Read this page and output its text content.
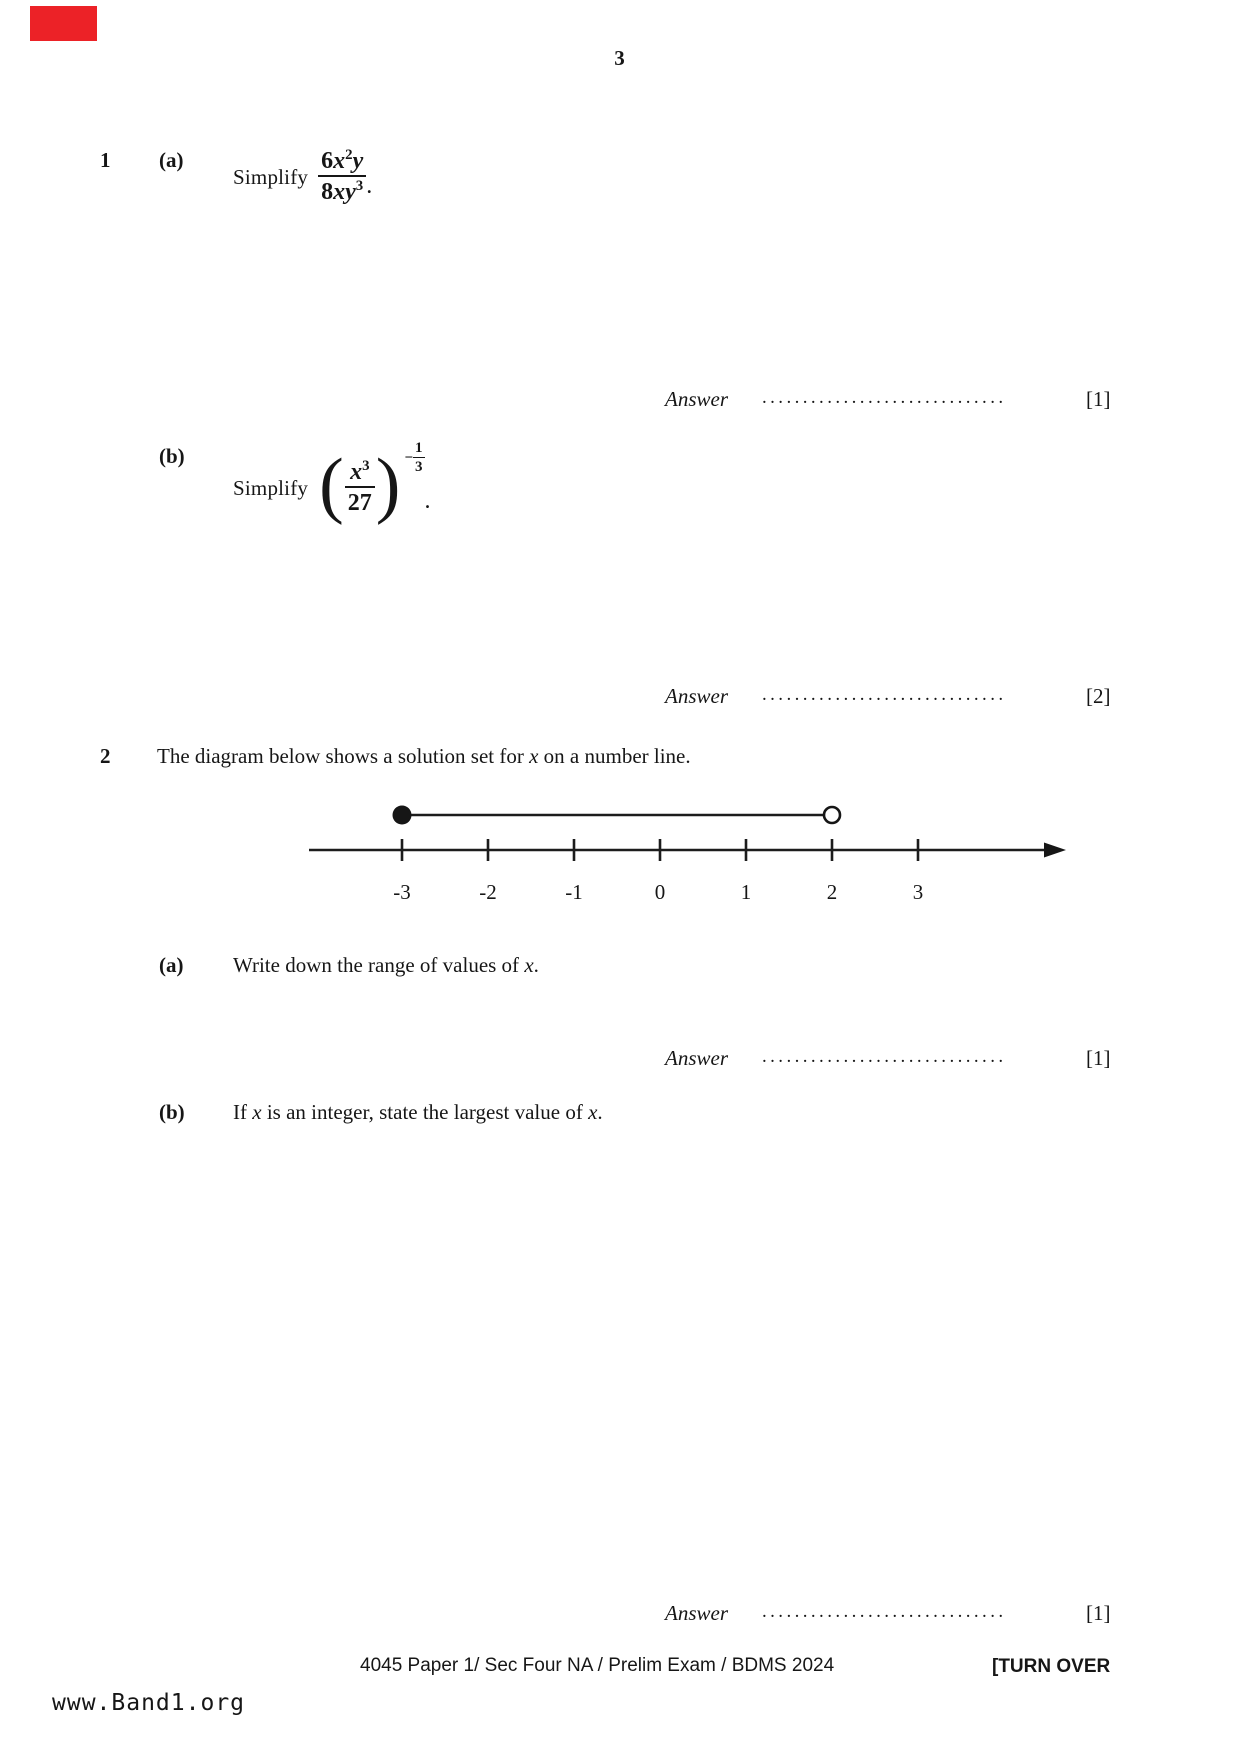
3
1 (a)
Simplify $\frac{6x^2y}{8xy^3}$ .
Answer ..............................	[1]
(b)
Simplify ( $\frac{x^3}{27}$ ) − $\frac{1}{3}$
.
Answer ..............................	[2]
2 The diagram below shows a solution set for x on a number line.
-3	-2	-1	0	1	2	3
(a) Write down the range of values of x.
Answer ..............................	[1]
(b) If x is an integer, state the largest value of x.
Answer ..............................	[1]
4045 Paper 1/ Sec Four NA / Prelim Exam / BDMS 2024	[TURN OVER
www.Band1.org
